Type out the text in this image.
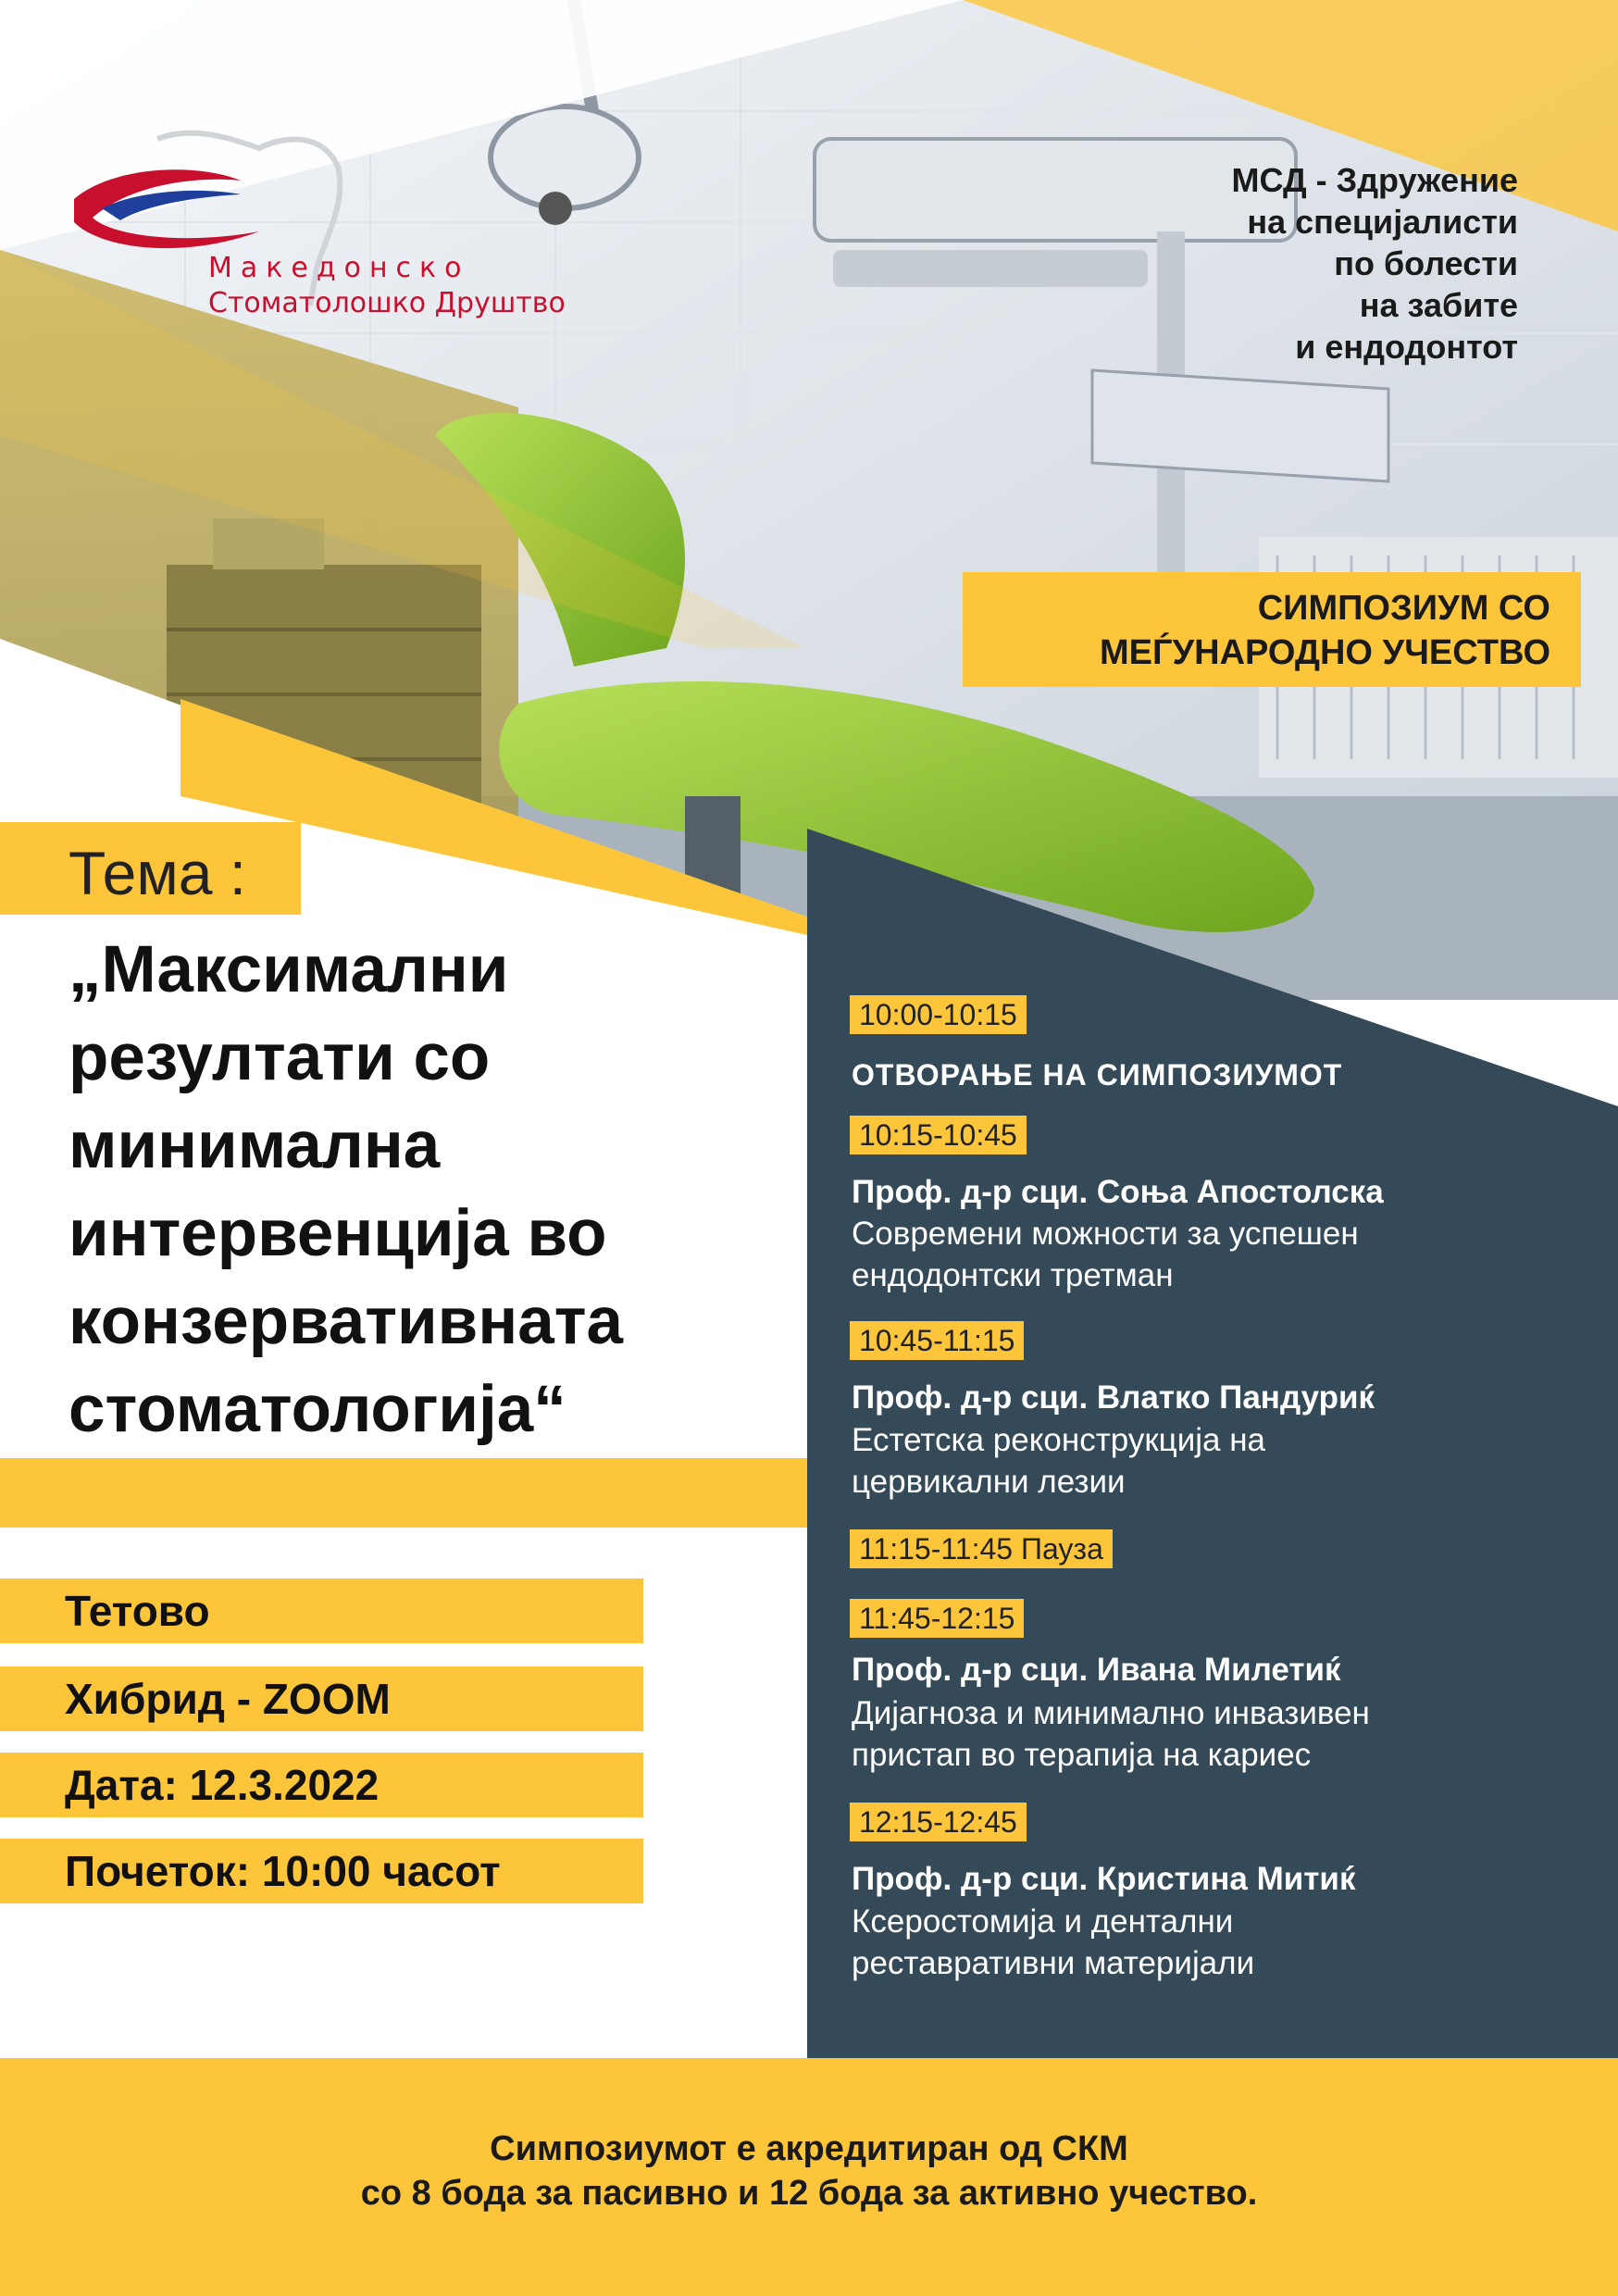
Македонско
Стоматолошко Друштво
МСД - Здружение
на специјалисти
по болести
на забите
и ендодонтот
СИМПОЗИУМ СО
МЕЃУНАРОДНО УЧЕСТВО
Тема :
„Максимални
резултати со
минимална
интервенција во
конзервативната
стоматологија“
Тетово
Хибрид - ZOOM
Дата: 12.3.2022
Почеток: 10:00 часот
10:00-10:15
ОТВОРАЊЕ НА СИМПОЗИУМОТ
10:15-10:45
Проф. д-р сци. Соња Апостолска
Современи можности за успешен
ендодонтски третман
10:45-11:15
Проф. д-р сци. Влатко Пандуриќ
Естетска реконструкција на
цервикални лезии
11:15-11:45 Пауза
11:45-12:15
Проф. д-р сци. Ивана Милетиќ
Дијагноза и минимално инвазивен
пристап во терапија на кариес
12:15-12:45
Проф. д-р сци. Кристина Митиќ
Ксеростомија и дентални
реставративни материјали
Симпозиумот е акредитиран од СКМ
со 8 бода за пасивно и 12 бода за активно учество.
